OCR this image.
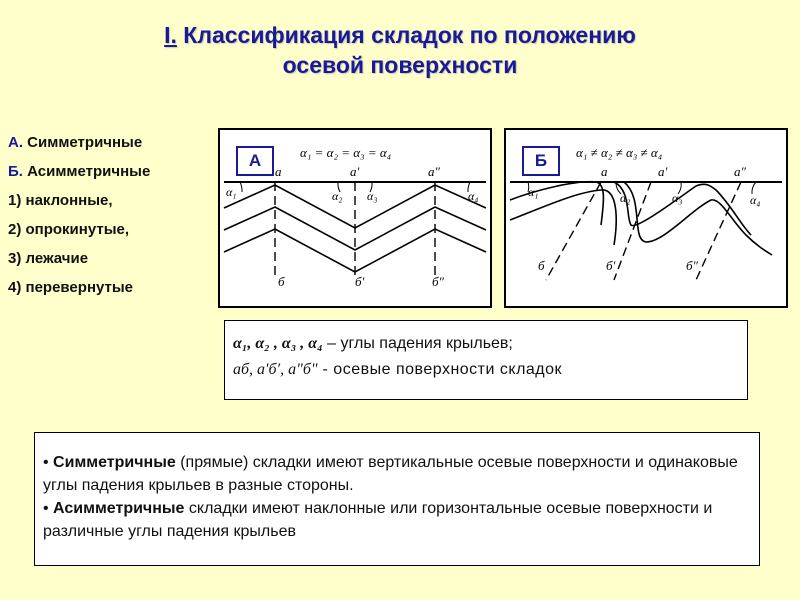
I. Классификация складок по положению
осевой поверхности
А. Симметричные
Б. Асимметричные
1) наклонные,
2) опрокинутые,
3) лежачие
4) перевернутые
α₁ = α₂ = α₃ = α₄
a	a′	a″
б	б′	б″
α₁	α₂ α₃	α₄
А	α₁ ≠ α₂ ≠ α₃ ≠ α₄
a	a′	a″
б	б′	б″
α₁	α₂	α₃	α₄
Б
α₁, α₂ , α₃ , α₄ – углы падения крыльев;
аб, а′б′, а"б" - осевые поверхности складок

• Симметричные (прямые) складки имеют вертикальные осевые поверхности и одинаковые углы падения крыльев в разные стороны.

• Асимметричные складки имеют наклонные или горизонтальные осевые поверхности и различные углы падения крыльев
